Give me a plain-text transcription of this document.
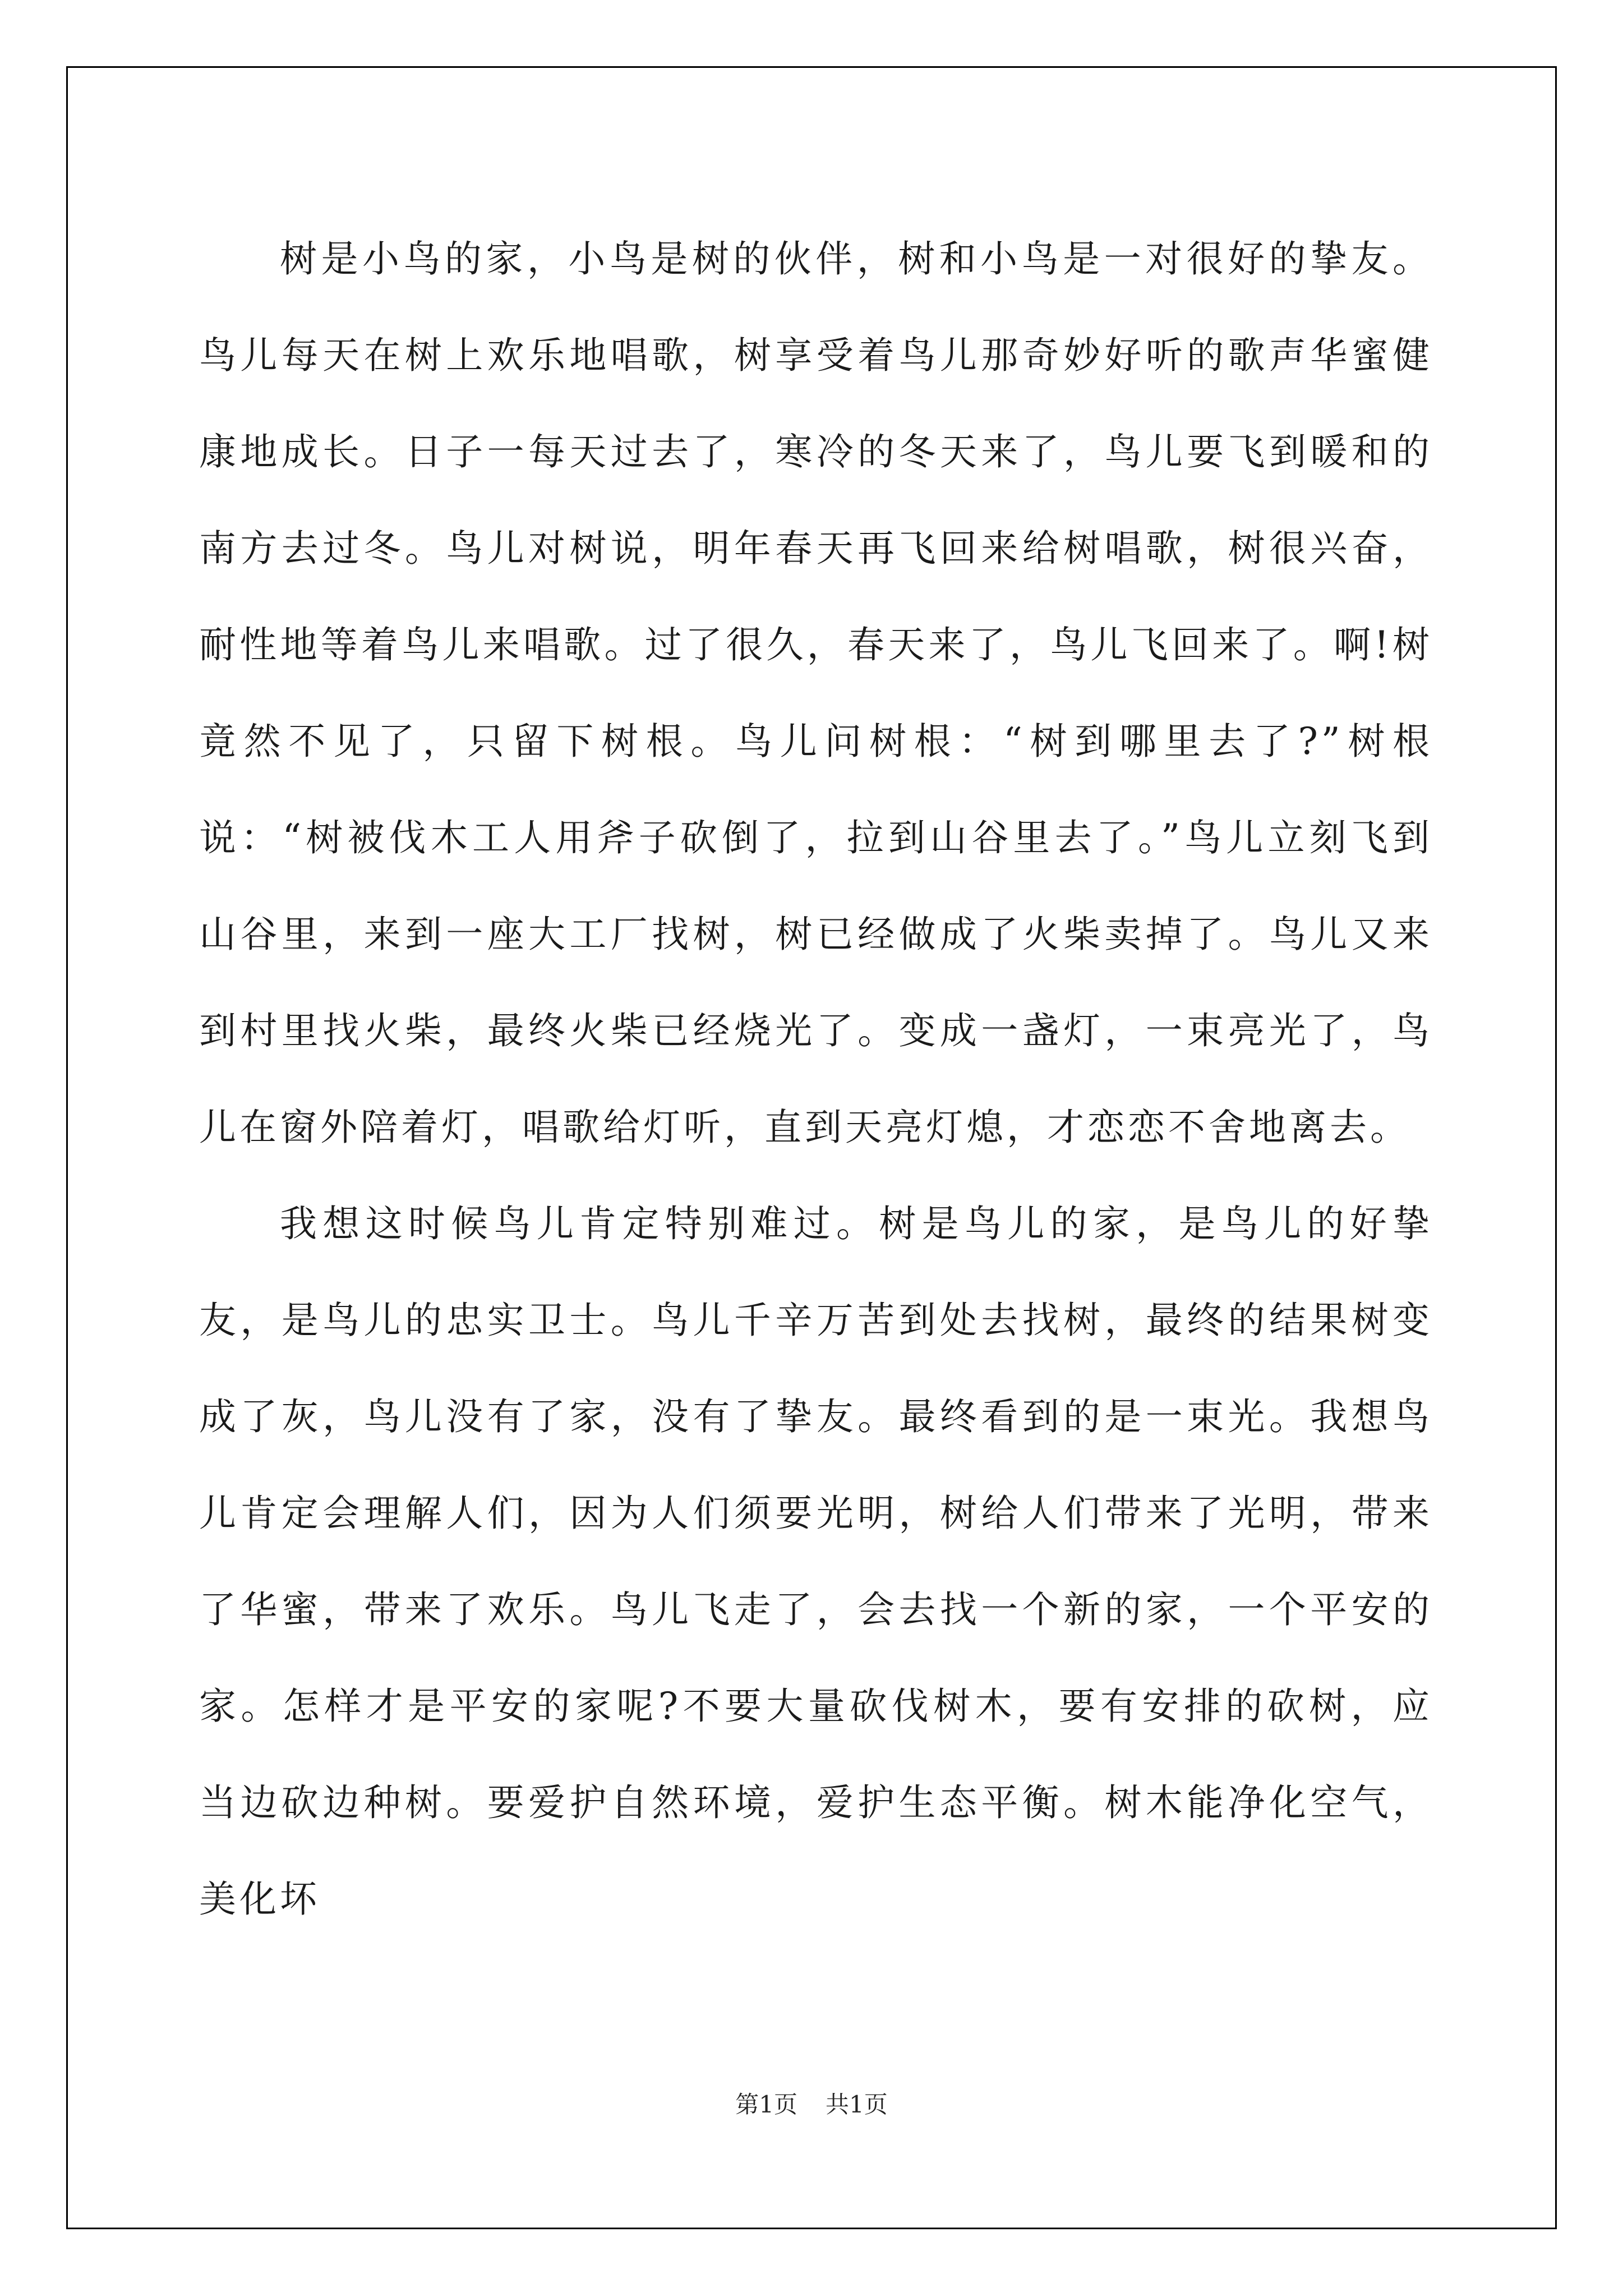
树是小鸟的家，小鸟是树的伙伴，树和小鸟是一对很好的挚友。鸟儿每天在树上欢乐地唱歌，树享受着鸟儿那奇妙好听的歌声华蜜健康地成长。日子一每天过去了，寒冷的冬天来了，鸟儿要飞到暖和的南方去过冬。鸟儿对树说，明年春天再飞回来给树唱歌，树很兴奋，耐性地等着鸟儿来唱歌。过了很久，春天来了，鸟儿飞回来了。啊!树竟然不见了，只留下树根。鸟儿问树根：“树到哪里去了?”树根说：“树被伐木工人用斧子砍倒了，拉到山谷里去了。”鸟儿立刻飞到山谷里，来到一座大工厂找树，树已经做成了火柴卖掉了。鸟儿又来到村里找火柴，最终火柴已经烧光了。变成一盏灯，一束亮光了，鸟儿在窗外陪着灯，唱歌给灯听，直到天亮灯熄，才恋恋不舍地离去。

我想这时候鸟儿肯定特别难过。树是鸟儿的家，是鸟儿的好挚友，是鸟儿的忠实卫士。鸟儿千辛万苦到处去找树，最终的结果树变成了灰，鸟儿没有了家，没有了挚友。最终看到的是一束光。我想鸟儿肯定会理解人们，因为人们须要光明，树给人们带来了光明，带来了华蜜，带来了欢乐。鸟儿飞走了，会去找一个新的家，一个平安的家。怎样才是平安的家呢?不要大量砍伐树木，要有安排的砍树，应当边砍边种树。要爱护自然环境，爱护生态平衡。树木能净化空气，美化坏

第1页 共1页
